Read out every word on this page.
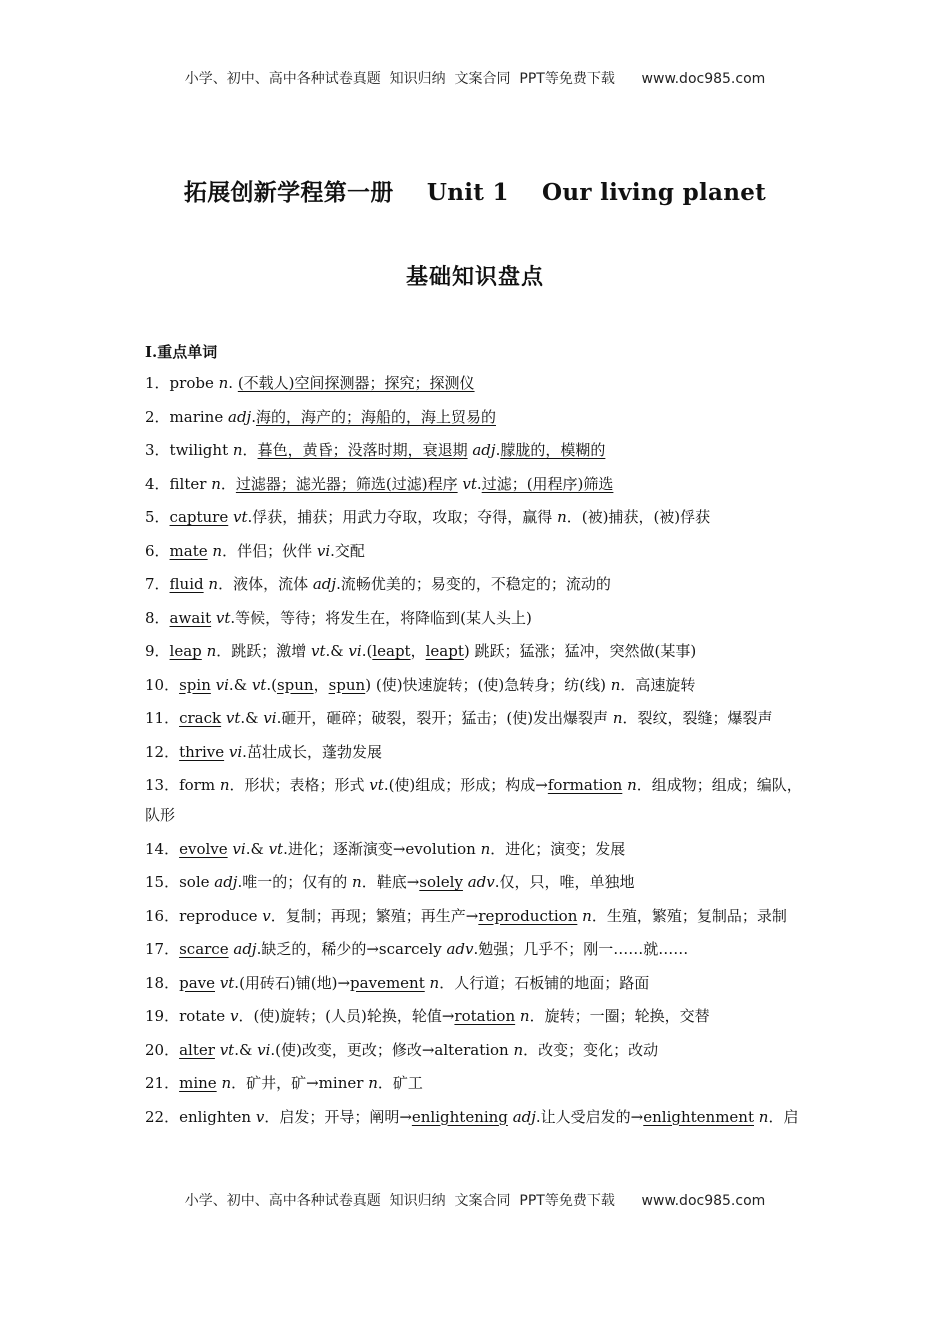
小学、初中、高中各种试卷真题  知识归纳  文案合同  PPT等免费下载      www.doc985.com
拓展创新学程第一册    Unit 1    Our living planet
基础知识盘点
Ⅰ.重点单词
1．probe n. (不载人)空间探测器；探究；探测仪
2．marine adj.海的，海产的；海船的，海上贸易的
3．twilight n．暮色，黄昏；没落时期，衰退期 adj.朦胧的，模糊的
4．filter n．过滤器；滤光器；筛选(过滤)程序 vt.过滤；(用程序)筛选
5．capture vt.俘获，捕获；用武力夺取，攻取；夺得，赢得 n．(被)捕获，(被)俘获
6．mate n．伴侣；伙伴 vi.交配
7．fluid n．液体，流体 adj.流畅优美的；易变的，不稳定的；流动的
8．await vt.等候，等待；将发生在，将降临到(某人头上)
9．leap n．跳跃；激增 vt.& vi.(leapt，leapt) 跳跃；猛涨；猛冲，突然做(某事)
10．spin vi.& vt.(spun，spun) (使)快速旋转；(使)急转身；纺(线) n．高速旋转
11．crack vt.& vi.砸开，砸碎；破裂，裂开；猛击；(使)发出爆裂声 n．裂纹，裂缝；爆裂声
12．thrive vi.茁壮成长，蓬勃发展
13．form n．形状；表格；形式 vt.(使)组成；形成；构成→formation n．组成物；组成；编队，队形
14．evolve vi.& vt.进化；逐渐演变→evolution n．进化；演变；发展
15．sole adj.唯一的；仅有的 n．鞋底→solely adv.仅，只，唯，单独地
16．reproduce v．复制；再现；繁殖；再生产→reproduction n．生殖，繁殖；复制品；录制
17．scarce adj.缺乏的，稀少的→scarcely adv.勉强；几乎不；刚一……就……
18．pave vt.(用砖石)铺(地)→pavement n．人行道；石板铺的地面；路面
19．rotate v．(使)旋转；(人员)轮换，轮值→rotation n．旋转；一圈；轮换，交替
20．alter vt.& vi.(使)改变，更改；修改→alteration n．改变；变化；改动
21．mine n．矿井，矿→miner n．矿工
22．enlighten v．启发；开导；阐明→enlightening adj.让人受启发的→enlightenment n．启
小学、初中、高中各种试卷真题  知识归纳  文案合同  PPT等免费下载      www.doc985.com
